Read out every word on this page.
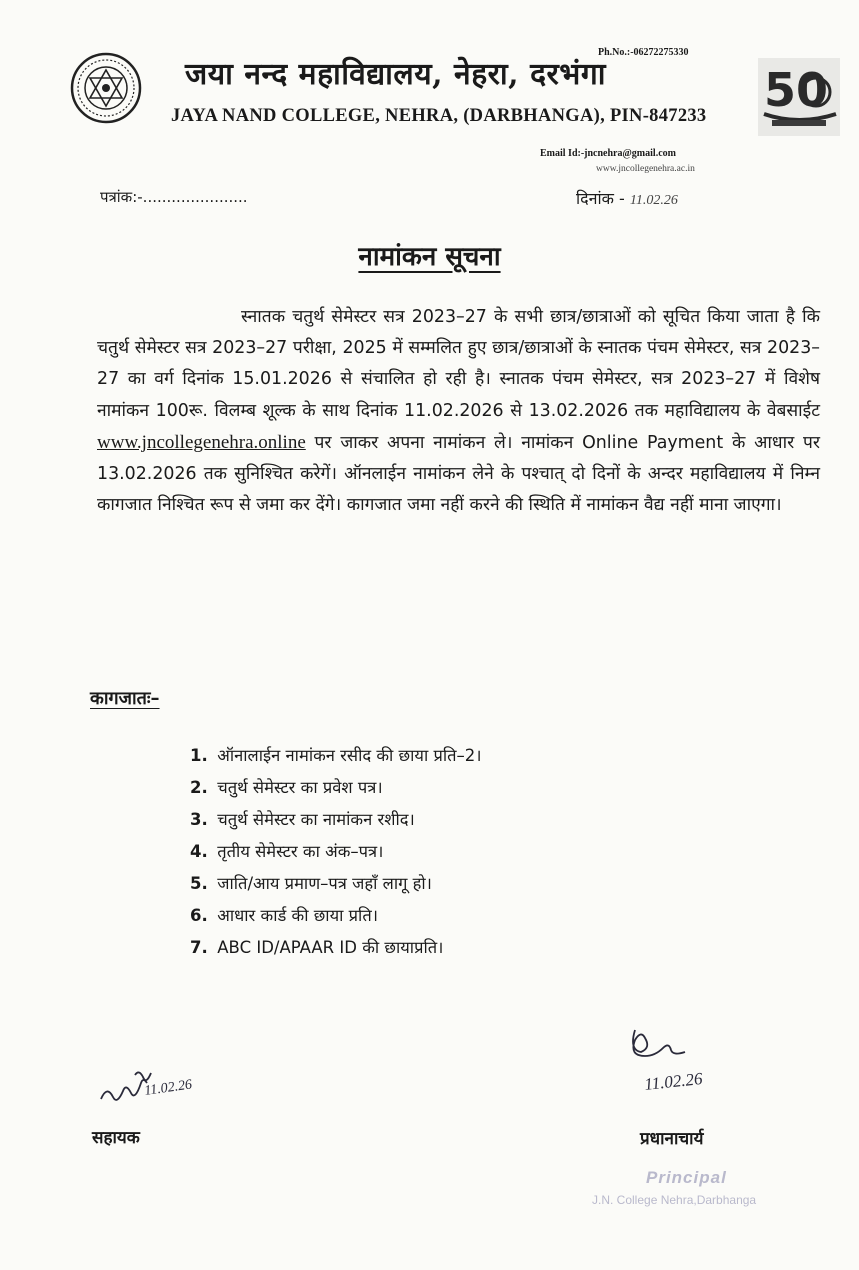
50
Ph.No.:-06272275330
जया नन्द महाविद्यालय, नेहरा, दरभंगा
JAYA NAND COLLEGE, NEHRA, (DARBHANGA), PIN-847233
Email Id:-jncnehra@gmail.com
www.jncollegenehra.ac.in
पत्रांक:-......................	दिनांक - 11.02.26
नामांकन सूचना
स्नातक चतुर्थ सेमेस्टर सत्र 2023–27 के सभी छात्र/छात्राओं को सूचित किया जाता है कि चतुर्थ सेमेस्टर सत्र 2023–27 परीक्षा, 2025 में सम्मलित हुए छात्र/छात्राओं के स्नातक पंचम सेमेस्टर, सत्र 2023–27 का वर्ग दिनांक 15.01.2026 से संचालित हो रही है। स्नातक पंचम सेमेस्टर, सत्र 2023–27 में विशेष नामांकन 100रू. विलम्ब शूल्क के साथ दिनांक 11.02.2026 से 13.02.2026 तक महाविद्यालय के वेबसाईट www.jncollegenehra.online पर जाकर अपना नामांकन ले। नामांकन Online Payment के आधार पर 13.02.2026 तक सुनिश्चित करेगें। ऑनलाईन नामांकन लेने के पश्चात् दो दिनों के अन्दर महाविद्यालय में निम्न कागजात निश्चित रूप से जमा कर देंगे। कागजात जमा नहीं करने की स्थिति में नामांकन वैद्य नहीं माना जाएगा।
कागजातः–
1. ऑनालाईन नामांकन रसीद की छाया प्रति–2।
2. चतुर्थ सेमेस्टर का प्रवेश पत्र।
3. चतुर्थ सेमेस्टर का नामांकन रशीद।
4. तृतीय सेमेस्टर का अंक–पत्र।
5. जाति/आय प्रमाण–पत्र जहाँ लागू हो।
6. आधार कार्ड की छाया प्रति।
7. ABC ID/APAAR ID की छायाप्रति।
11.02.26	11.02.26
सहायक	प्रधानाचार्य
Principal
J.N. College Nehra,Darbhanga
